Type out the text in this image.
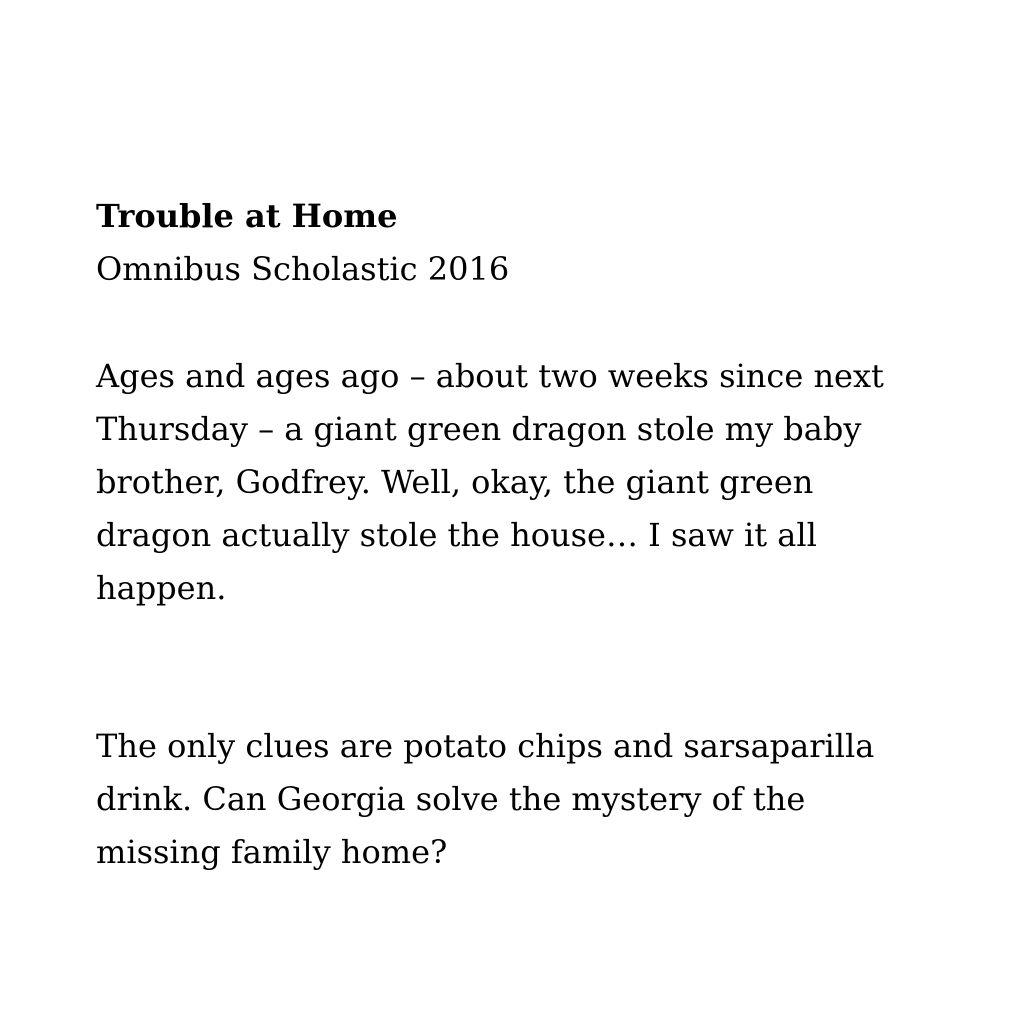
Trouble at Home
Omnibus Scholastic 2016
Ages and ages ago – about two weeks since next
Thursday – a giant green dragon stole my baby
brother, Godfrey. Well, okay, the giant green
dragon actually stole the house… I saw it all
happen.
The only clues are potato chips and sarsaparilla
drink. Can Georgia solve the mystery of the
missing family home?
